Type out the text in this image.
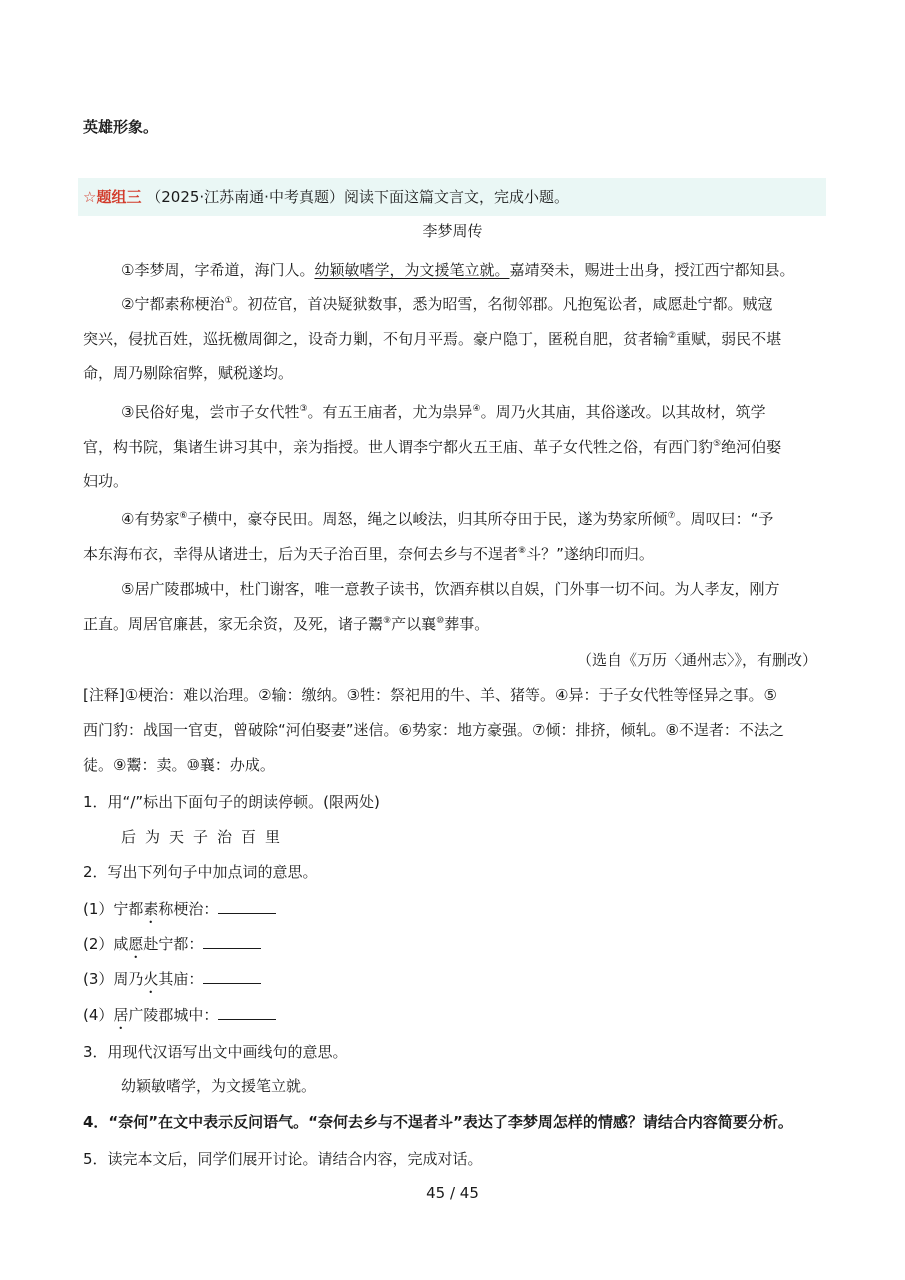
英雄形象。
☆题组三 （2025·江苏南通·中考真题）阅读下面这篇文言文，完成小题。
李梦周传
①李梦周，字希道，海门人。幼颖敏嗜学，为文援笔立就。嘉靖癸未，赐进士出身，授江西宁都知县。
②宁都素称梗治①。初莅官，首决疑狱数事，悉为昭雪，名彻邻郡。凡抱冤讼者，咸愿赴宁都。贼寇
突兴，侵扰百姓，巡抚檄周御之，设奇力剿，不旬月平焉。豪户隐丁，匿税自肥，贫者输②重赋，弱民不堪
命，周乃剔除宿弊，赋税遂均。
③民俗好鬼，尝市子女代牲③。有五王庙者，尤为祟异④。周乃火其庙，其俗遂改。以其故材，筑学
官，构书院，集诸生讲习其中，亲为指授。世人谓李宁都火五王庙、革子女代牲之俗，有西门豹⑤绝河伯娶
妇功。
④有势家⑥子横中，豪夺民田。周怒，绳之以峻法，归其所夺田于民，遂为势家所倾⑦。周叹曰：“予
本东海布衣，幸得从诸进士，后为天子治百里，奈何去乡与不逞者⑧斗？”遂纳印而归。
⑤居广陵郡城中，杜门谢客，唯一意教子读书，饮酒弃棋以自娱，门外事一切不问。为人孝友，刚方
正直。周居官廉甚，家无余资，及死，诸子鬻⑨产以襄⑩葬事。
（选自《万历〈通州志〉》，有删改）
[注释]①梗治：难以治理。②输：缴纳。③牲：祭祀用的牛、羊、猪等。④异：于子女代牲等怪异之事。⑤
西门豹：战国一官吏，曾破除“河伯娶妻”迷信。⑥势家：地方豪强。⑦倾：排挤，倾轧。⑧不逞者：不法之
徒。⑨鬻：卖。⑩襄：办成。
1．用“/”标出下面句子的朗读停顿。(限两处)
后为天子治百里
2．写出下列句子中加点词的意思。
(1）宁都素称梗治：
(2）咸愿赴宁都：
(3）周乃火其庙：
(4）居广陵郡城中：
3．用现代汉语写出文中画线句的意思。
幼颖敏嗜学，为文援笔立就。
4．“奈何”在文中表示反问语气。“奈何去乡与不逞者斗”表达了李梦周怎样的情感？请结合内容简要分析。
5．读完本文后，同学们展开讨论。请结合内容，完成对话。
45 / 45
